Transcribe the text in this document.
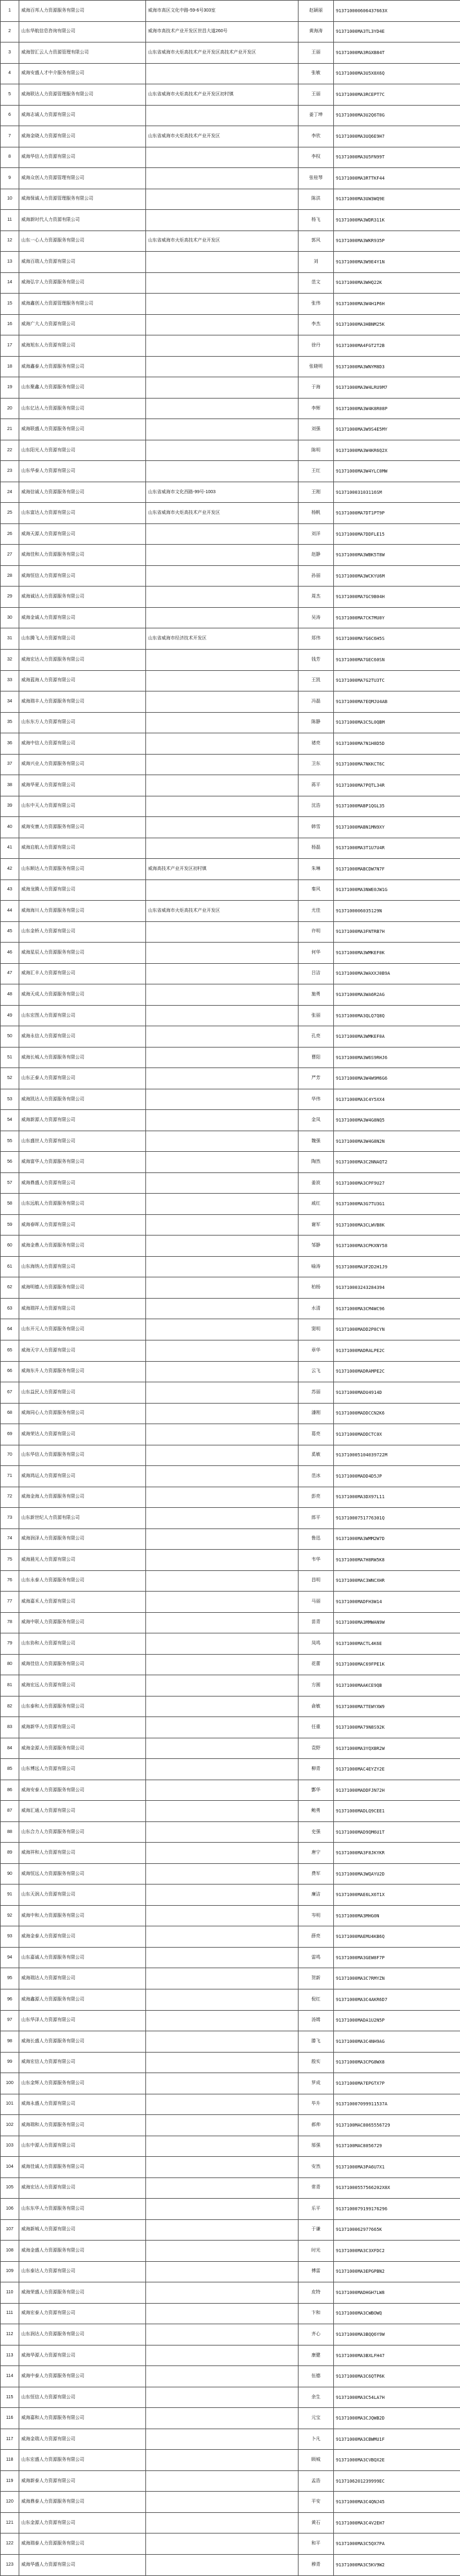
1	威海百邦人力资源服务有限公司	威海市高区文化中路-59-6号303室	赵颖丽	913710000606437663X
2	山东华航信息咨询有限公司	威海市高技术产业开发区世昌大道260号	黄海涛	91371000MA3TL3YD4E
3	威海智汇云人力资源管理有限公司	山东省威海市火炬高技术产业开发区高技术产业开发区	王丽	91371000MA3RGXB84T
4	威海安盛人才中介服务有限公司		张敏	91371000MA3U5X8X6Q
5	威海联达人力资源管理服务有限公司	山东省威海市火炬高技术产业开发区初村镇	王丽	91371000MA3RCEPT7C
6	威海志诚人力资源有限公司		姜丁坤	91371000MA3U2Q6T0G
7	威海金晓人力资源有限公司	山东省威海市火炬高技术产业开发区	李欣	91371000MA3UQ6E9H7
8	威海华信人力资源有限公司		李权	91371000MA3U5FN99T
9	威海众创人力资源管理有限公司		张桂琴	91371000MA3RTTKF44
10	威海保诚人力资源管理服务有限公司		陈洪	91371000MA3UW3WQ9E
11	威海新时代人力资源有限公司		杨飞	91371000MA3WDR311K
12	山东一心人力资源服务有限公司	山东省威海市火炬高技术产业开发区	郭风	91371000MA3WKR935P
13	威海百瑞人力资源有限公司		刘	91371000MA3W9E4Y1N
14	威海弘宇人力资源服务有限公司		范文	91371000MA3WHQ22K
15	威海鑫创人力资源管理服务有限公司		张伟	91371000MA3W4H1P6H
16	威海广大人力资源有限公司		李杰	91371000MA3HBNM25K
17	威海旭东人力资源有限公司		徐丹	91371000MA4FGT2T2B
18	威海鑫泰人力资源服务有限公司		张晓明	91371000MA3WNYM8D3
19	山东聚鑫人力资源服务有限公司		于海	91371000MA3W4LRU9M7
20	山东亿达人力资源服务有限公司		李辉	91371000MA3W4K8R08P
21	威海联盛人力资源服务有限公司		刘强	91371000MA3W9S4E5MY
22	山东阳光人力资源有限公司		陈明	91371000MA3W4KR6Q2X
23	山东华泰人力资源有限公司		王红	91371000MA3W4YLC0MW
24	威海信诚人力资源服务有限公司	山东省威海市文化西路-99号-1003	王刚	913710003103116SM
25	山东富达人力资源有限公司	山东省威海市火炬高技术产业开发区	杨帆	91371000MA7DT1PT9P
26	威海天源人力资源有限公司		刘洋	91371000MA7DDFLE15
27	威海佳和人力资源服务有限公司		赵静	91371000MA3WBK5T8W
28	威海恒信人力资源有限公司		孙丽	91371000MA3WCKYU6M
29	威海诚达人力资源服务有限公司		周杰	91371000MA7GC9B04H
30	威海金诚人力资源有限公司		吴涛	91371000MA7CK7MU0Y
31	山东腾飞人力资源有限公司	山东省威海市经济技术开发区	郑伟	91371000MA7G6C6H5S
32	威海宏达人力资源服务有限公司		钱芳	91371000MA7GEC60SN
33	威海蓝海人力资源有限公司		王凯	91371000MA7G2TU3TC
34	威海瑞丰人力资源服务有限公司		冯磊	91371000MA7EQMJU4AB
35	山东东方人力资源有限公司		陈静	91371000MA3C5L0QBM
36	威海中信人力资源有限公司		褚亮	91371000MA7N1H8D5D
37	威海兴业人力资源服务有限公司		卫东	91371000MA7NKKCT6C
38	威海华夏人力资源有限公司		蒋平	91371000MA7PQTL34R
39	山东中天人力资源有限公司		沈浩	91371000MABP1QGL35
40	威海安康人力资源服务有限公司		韩雪	91371000MABN1MN9XY
41	威海启航人力资源有限公司		杨磊	91371000MA3T1U7U4R
42	山东顺达人力资源服务有限公司	威海高技术产业开发区初村镇	朱琳	91371000MABCDW7N7F
43	威海龙腾人力资源有限公司		秦风	91371000MA3NWE0JW1G
44	威海海川人力资源服务有限公司	山东省威海市火炬高技术产业开发区	尤佳	9137100006035129N
45	山东金桥人力资源有限公司		许明	91371000MA3FNTRB7H
46	威海星辰人力资源服务有限公司		何华	91371000MA3WMKEF0K
47	威海汇丰人力资源有限公司		吕洁	91371000MA3WAXXJ0B9A
48	威海天成人力资源服务有限公司		施勇	91371000MA3WA6R2AG
49	山东宏图人力资源有限公司		张丽	91371000MA3QLQ7Q8Q
50	威海永信人力资源有限公司		孔亮	91371000MA3WMKEF0A
51	威海长城人力资源服务有限公司		曹阳	91371000MA3W6S9RHJ6
52	山东正泰人力资源有限公司		严芳	91371000MA3W4W9M6G6
53	威海凯达人力资源服务有限公司		华伟	91371000MA3C4Y5XX4
54	威海新源人力资源有限公司		金凤	91371000MA3W4G8NQ5
55	山东盛世人力资源有限公司		魏强	91371000MA3W4G8N2N
56	威海富华人力资源服务有限公司		陶然	91371000MA3C2NNAQT2
57	威海鼎盛人力资源有限公司		姜波	91371000MA3CPF9U27
58	山东远航人力资源服务有限公司		戚红	91371000MA3G7TU3G1
59	威海春晖人力资源有限公司		谢军	91371000MA3CLWVB8K
60	威海金鼎人力资源服务有限公司		邹静	91371000MA3CPKXNY58
61	山东海纳人力资源有限公司		喻涛	91371000MA3F2D2H1J9
62	威海明德人力资源服务有限公司		柏杨	913710003243284394
63	威海瑞祥人力资源有限公司		水清	91371000MA3CM4WC96
64	山东开元人力资源服务有限公司		窦明	91371000MADD2P8CYN
65	威海天宇人力资源有限公司		章华	91371000MADRALPE2C
66	威海东升人力资源服务有限公司		云飞	91371000MADRAMPE2C
67	山东益民人力资源有限公司		苏丽	91371000MADU4914D
68	威海同心人力资源服务有限公司		潘刚	91371000MADDCCN2K6
69	威海荣达人力资源有限公司		葛亮	91371000MADDCTC0X
70	山东华信人力资源服务有限公司		奚敏	913710005104039722M
71	威海鸿运人力资源有限公司		范冰	91371000MADD4D5JP
72	威海金海人力资源服务有限公司		彭亮	91371000MA3DX97L11
73	山东新世纪人力资源有限公司		郎平	91371000751776301Q
74	威海润泽人力资源服务有限公司		鲁迅	91371000MA3WMM2W7D
75	威海晨光人力资源有限公司		韦华	91371000MA7H8RW5K8
76	山东永泰人力资源服务有限公司		昌明	91371000MAC3WNCXHR
77	威海嘉禾人力资源有限公司		马丽	91371000MADFH3W14
78	威海中联人力资源服务有限公司		苗青	91371000MA3MMWAN9W
79	山东协和人力资源有限公司		凤鸣	91371000MACTL4K6E
80	威海佳信人力资源服务有限公司		花蕾	91371000MAC69FPE1K
81	威海宏远人力资源有限公司		方圆	91371000MAAKCE9QB
82	山东泰和人力资源服务有限公司		俞敏	91371000MA7TEWYXW9
83	威海新华人力资源有限公司		任重	91371000MA79N8S92K
84	威海金源人力资源服务有限公司		袁野	91371000MA3YQXBR2W
85	山东博远人力资源有限公司		柳青	91371000MAC4EYZY2E
86	威海安泰人力资源服务有限公司		酆华	91371000MADDFJN72H
87	威海汇通人力资源有限公司		鲍勇	91371000MADLQ9CEE1
88	山东合力人力资源服务有限公司		史强	91371000MAD9QM6U1T
89	威海祥和人力资源有限公司		唐宁	91371000MA3F8JKYKR
90	威海恒远人力资源服务有限公司		费军	91371000MA3WQAYU2D
91	山东天润人力资源有限公司		廉洁	91371000MAE6LX6T1X
92	威海中和人力资源服务有限公司		岑明	91371000MA3MHG0N
93	威海金泰人力资源有限公司		薛亮	91371000MAEMU4KB6Q
94	山东嘉诚人力资源服务有限公司		雷鸣	91371000MA3GEW8F7P
95	威海瑞达人力资源有限公司		贺新	91371000MA3C7RMYZN
96	威海鑫源人力资源服务有限公司		倪红	91371000MA3C4AKR6D7
97	山东华泽人力资源有限公司		汤姆	91371000MADA1U2N5P
98	威海长盛人力资源服务有限公司		滕飞	91371000MA3C4NH9AG
99	威海宏信人力资源有限公司		殷实	91371000MA3CPG8WX8
100	山东金辉人力资源服务有限公司		罗成	91371000MA7EPGTX7P
101	威海永盛人力资源有限公司		毕升	913710007099911537A
102	威海瑞和人力资源服务有限公司		郝帅	9137100MAC8065556729
103	山东中源人力资源有限公司		邬强	9137100MAC8056729
104	威海佳诚人力资源服务有限公司		安然	91371000MA3PA6U7X1
105	威海宏达人力资源有限公司		常青	91371000557566202X8X
106	山东东华人力资源服务有限公司		乐平	9137100079199176296
107	威海新城人力资源有限公司		于谦	9137100062977665K
108	威海金盛人力资源服务有限公司		时光	91371000MA3C3XFDC2
109	山东泰达人力资源有限公司		傅雷	91371000MA3EPGPBN2
110	威海荣盛人力资源服务有限公司		皮特	91371000MADHGH7LW8
111	威海宏泰人力资源有限公司		卞和	91371000MA3CWBOWQ
112	山东润达人力资源服务有限公司		齐心	91371000MA3BQQ6Y9W
113	威海华源人力资源有限公司		康健	91371000MA3BXLFH47
114	威海中泰人力资源服务有限公司		伍德	91371000MA3C6QTP6K
115	山东恒信人力资源有限公司		余生	91371000MA3C54LA7H
116	威海嘉和人力资源服务有限公司		元宝	91371000MA3CJQWB2D
117	威海金瑞人力资源有限公司		卜凡	91371000MA3CBWMU1F
118	山东宏盛人力资源服务有限公司		顾城	91371000MA3CVBQX2E
119	威海新泰人力资源有限公司		孟浩	9137106201239999EC
120	威海鼎泰人力资源服务有限公司		平安	91371000MA3C4QNJ45
121	山东金源人力资源有限公司		黄石	91371000MA3C4V2EH7
122	威海瑞泰人力资源服务有限公司		和平	91371000MA3C5QX7PA
123	威海华盛人力资源有限公司		穆青	91371000MA3C5KV9W2
